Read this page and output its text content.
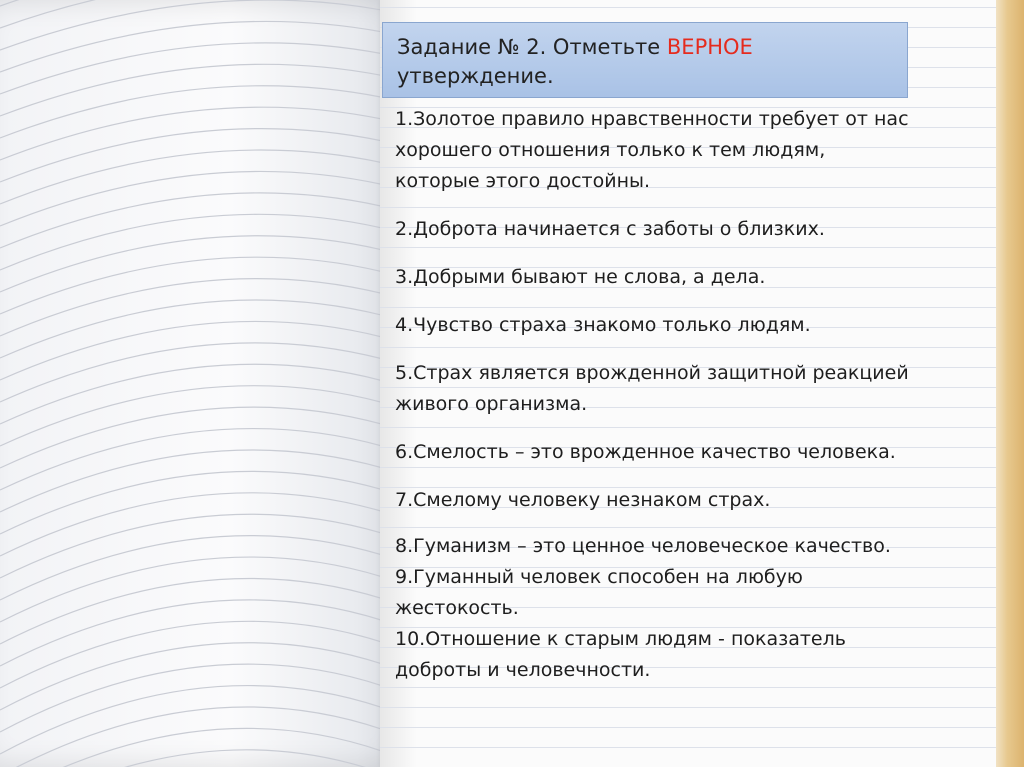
Задание № 2. Отметьте ВЕРНОЕ
утверждение.

1.Золотое правило нравственности требует от нас хорошего отношения только к тем людям, которые этого достойны.

2.Доброта начинается с заботы о близких.

3.Добрыми бывают не слова, а дела.

4.Чувство страха знакомо только людям.

5.Страх является врожденной защитной реакцией живого организма.

6.Смелость – это врожденное качество человека.

7.Смелому человеку незнаком страх.

8.Гуманизм – это ценное человеческое качество.

9.Гуманный человек способен на любую жестокость.

10.Отношение к старым людям - показатель доброты и человечности.
